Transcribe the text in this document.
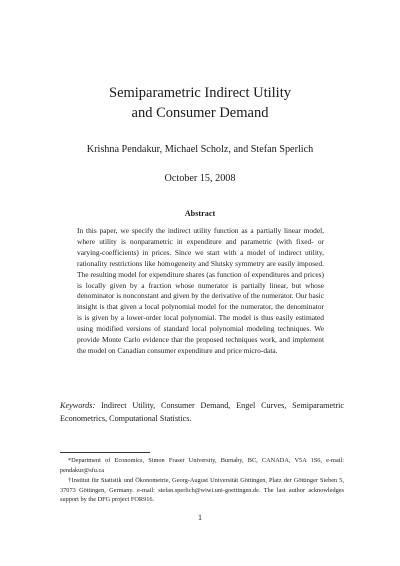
Semiparametric Indirect Utility
and Consumer Demand
Krishna Pendakur, Michael Scholz, and Stefan Sperlich
October 15, 2008
Abstract
In this paper, we specify the indirect utility function as a partially linear model, where utility is nonparametric in expenditure and parametric (with fixed- or varying-coefficients) in prices. Since we start with a model of indirect utility, rationality restrictions like homogeneity and Slutsky symmetry are easily imposed. The resulting model for expenditure shares (as function of expenditures and prices) is locally given by a fraction whose numerator is partially linear, but whose denominator is nonconstant and given by the derivative of the numerator. Our basic insight is that given a local polynomial model for the numerator, the denominator is is given by a lower-order local polynomial. The model is thus easily estimated using modified versions of standard local polynomial modeling techniques. We provide Monte Carlo evidence that the proposed techniques work, and implement the model on Canadian consumer expenditure and price micro-data.
Keywords: Indirect Utility, Consumer Demand, Engel Curves, Semiparametric Econometrics, Computational Statistics.

*Department of Economics, Simon Fraser University, Burnaby, BC, CANADA, V5A 1S6, e-mail: pendakur@sfu.ca

†Institut für Statistik und Ökonometrie, Georg-August Universität Göttingen, Platz der Göttinger Sieben 5, 37073 Göttingen, Germany. e-mail: stefan.sperlich@wiwi.uni-goettingen.de. The last author acknowledges support by the DFG project FOR916.

1
